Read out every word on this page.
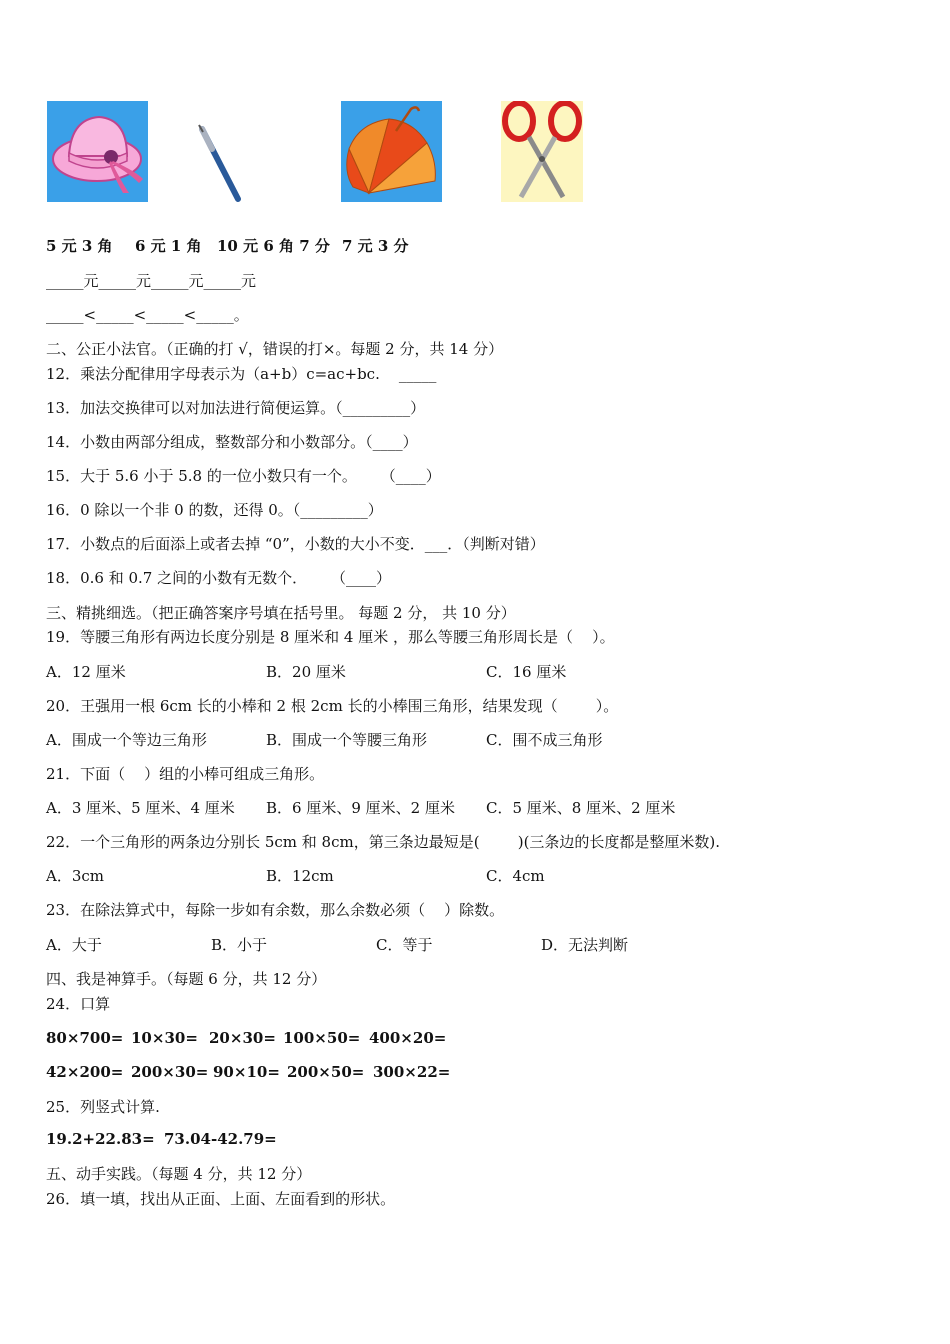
5 元 3 角 6 元 1 角 10 元 6 角 7 分 7 元 3 分
_____元_____元_____元_____元
_____<_____<_____<_____。
二、公正小法官。（正确的打 √，错误的打×。每题 2 分，共 14 分）
12．乘法分配律用字母表示为（a+b）c=ac+bc.    _____
13．加法交换律可以对加法进行简便运算。（_________）
14．小数由两部分组成，整数部分和小数部分。（____）
15．大于 5.6 小于 5.8 的一位小数只有一个。     （____）
16．0 除以一个非 0 的数，还得 0。（_________）
17．小数点的后面添上或者去掉 “0”，小数的大小不变．___．（判断对错）
18．0.6 和 0.7 之间的小数有无数个．     （____）
三、精挑细选。（把正确答案序号填在括号里。 每题 2 分， 共 10 分）
19．等腰三角形有两边长度分别是 8 厘米和 4 厘米 ，那么等腰三角形周长是（    ）。
A．12 厘米	B．20 厘米	C．16 厘米
20．王强用一根 6cm 长的小棒和 2 根 2cm 长的小棒围三角形，结果发现（        ）。
A．围成一个等边三角形	B．围成一个等腰三角形	C．围不成三角形
21．下面（    ）组的小棒可组成三角形。
A．3 厘米、5 厘米、4 厘米 B．6 厘米、9 厘米、2 厘米 C．5 厘米、8 厘米、2 厘米
22．一个三角形的两条边分别长 5cm 和 8cm，第三条边最短是(        )(三条边的长度都是整厘米数).
A．3cm	B．12cm	C．4cm
23．在除法算式中，每除一步如有余数，那么余数必须（    ）除数。
A．大于	B．小于	C．等于	D．无法判断
四、我是神算手。（每题 6 分，共 12 分）
24．口算
80×700= 10×30= 20×30= 100×50= 400×20=
42×200= 200×30= 90×10= 200×50= 300×22=
25．列竖式计算.
19.2+22.83= 73.04-42.79=
五、动手实践。（每题 4 分，共 12 分）
26．填一填，找出从正面、上面、左面看到的形状。
